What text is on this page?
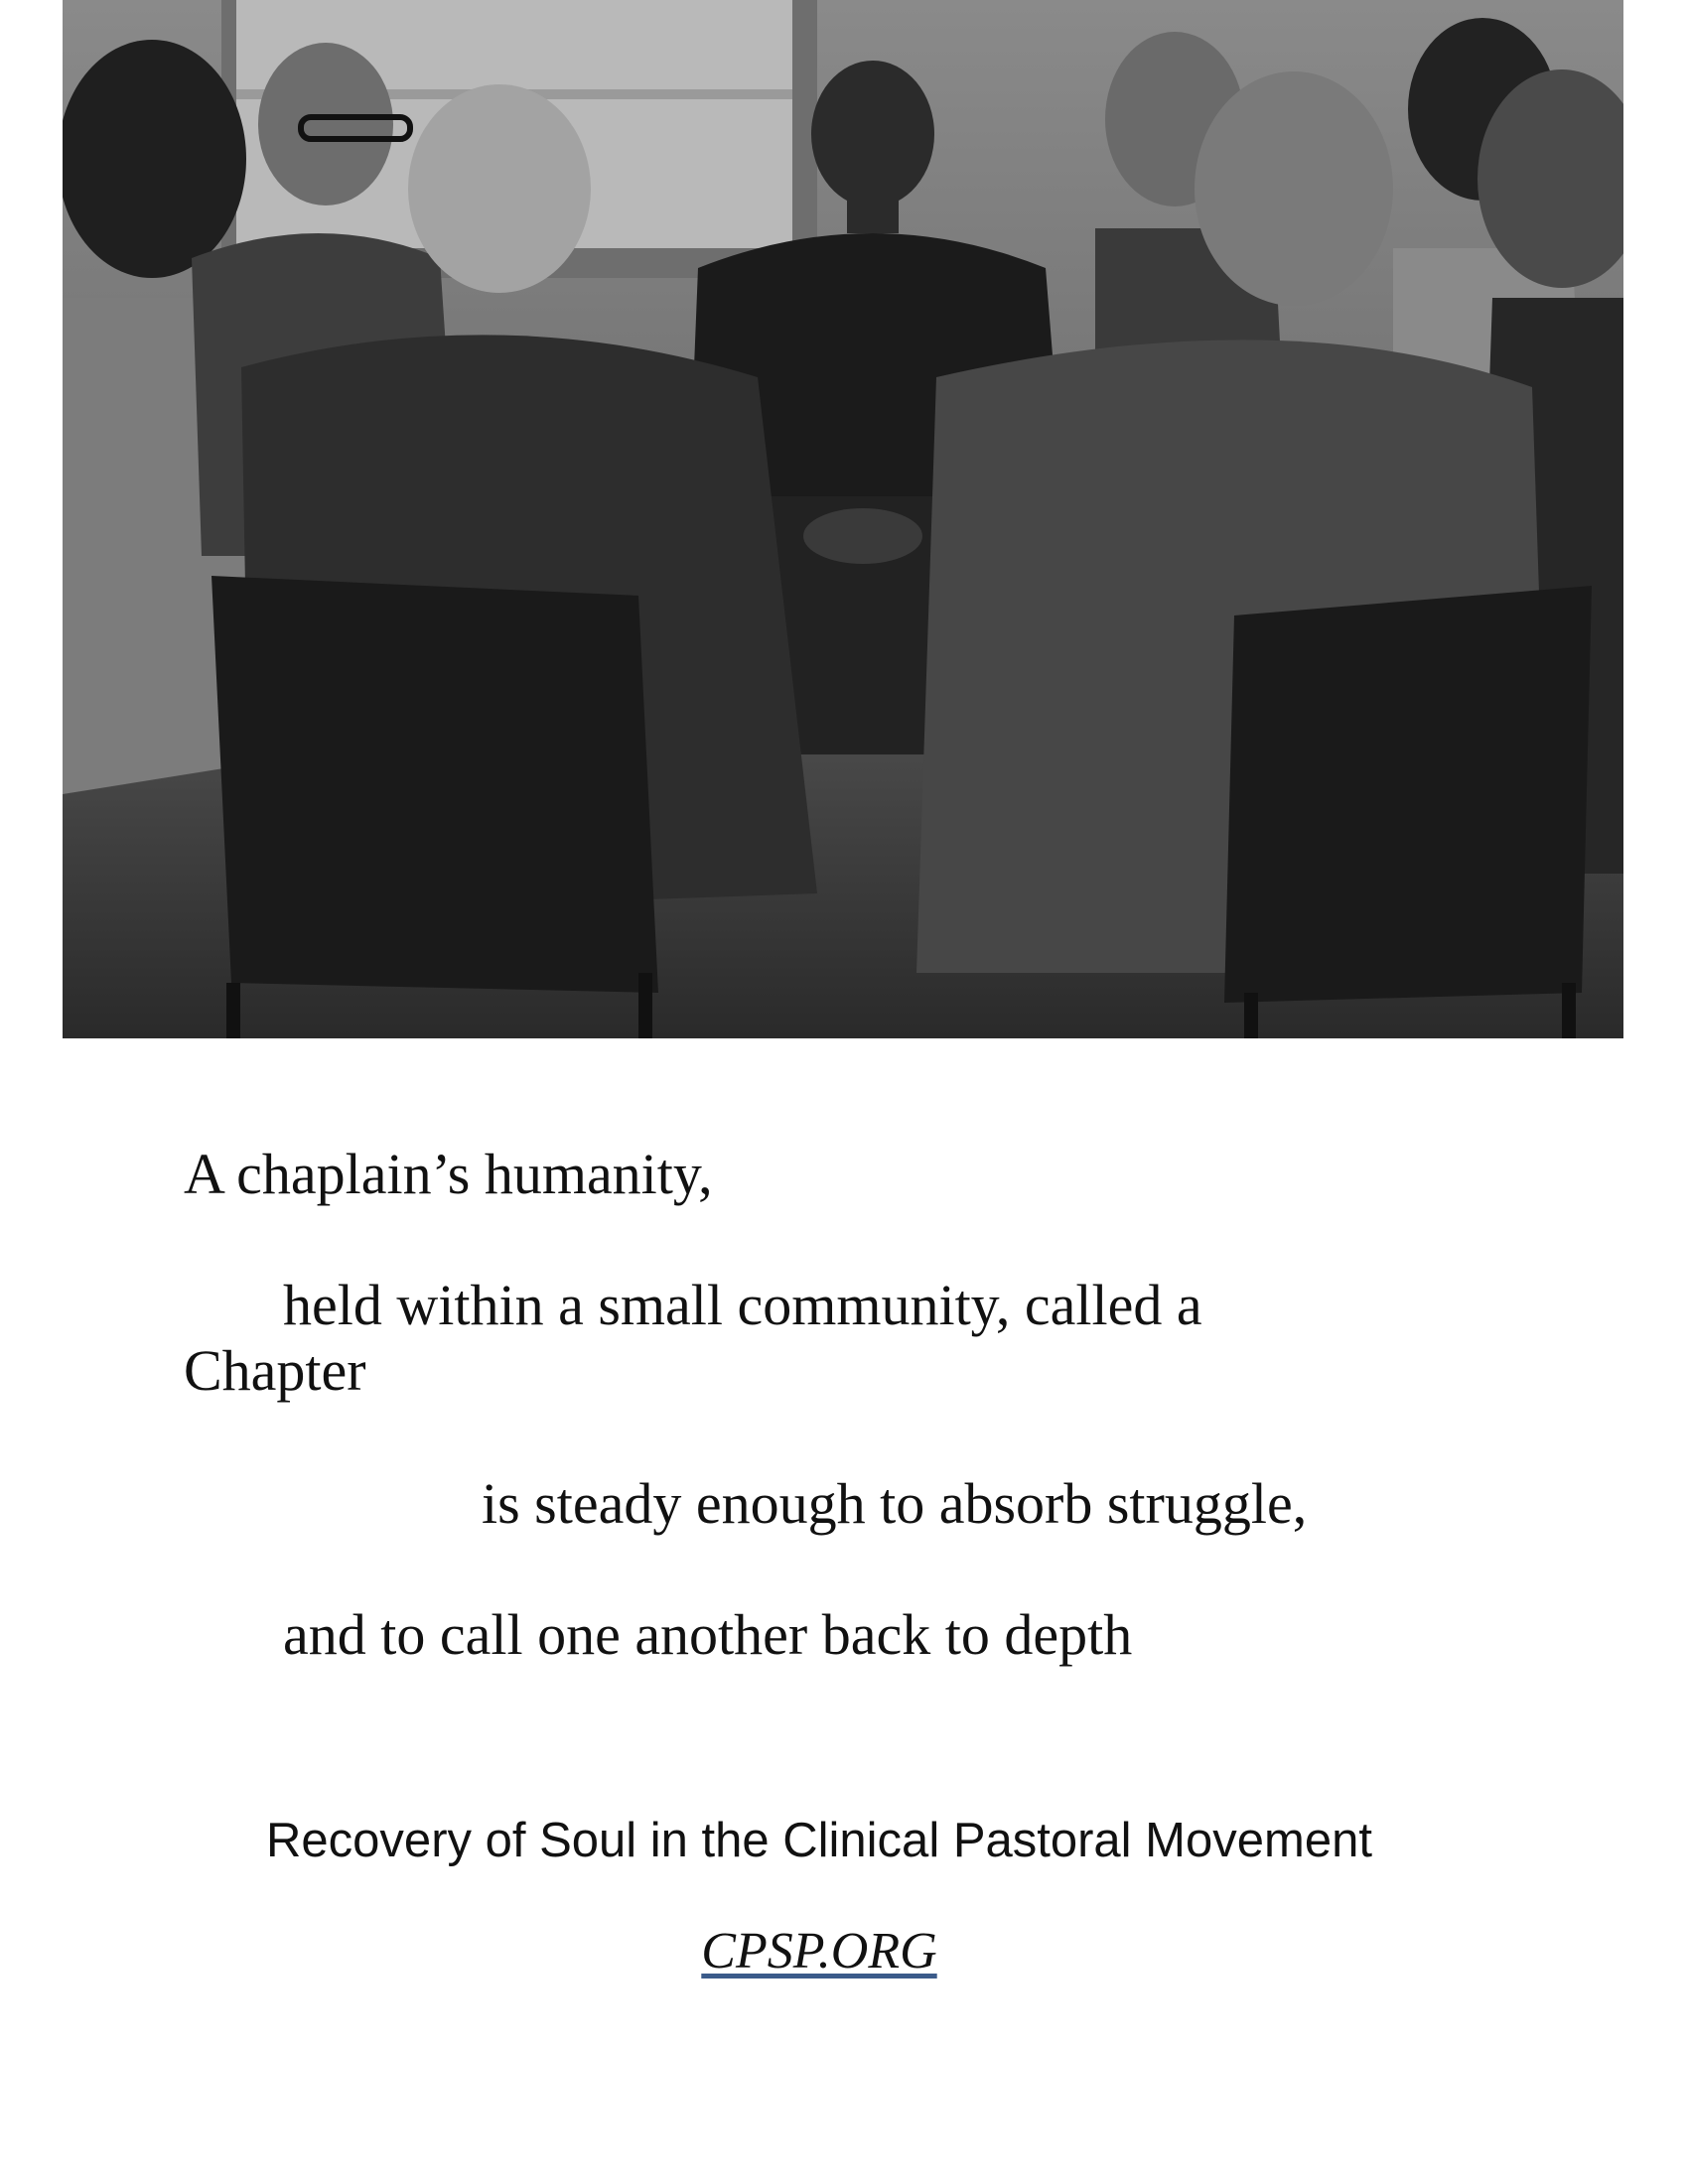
A chaplain’s humanity,
held within a small community, called a
Chapter
is steady enough to absorb struggle,
and to call one another back to depth
Recovery of Soul in the Clinical Pastoral Movement
CPSP.ORG
